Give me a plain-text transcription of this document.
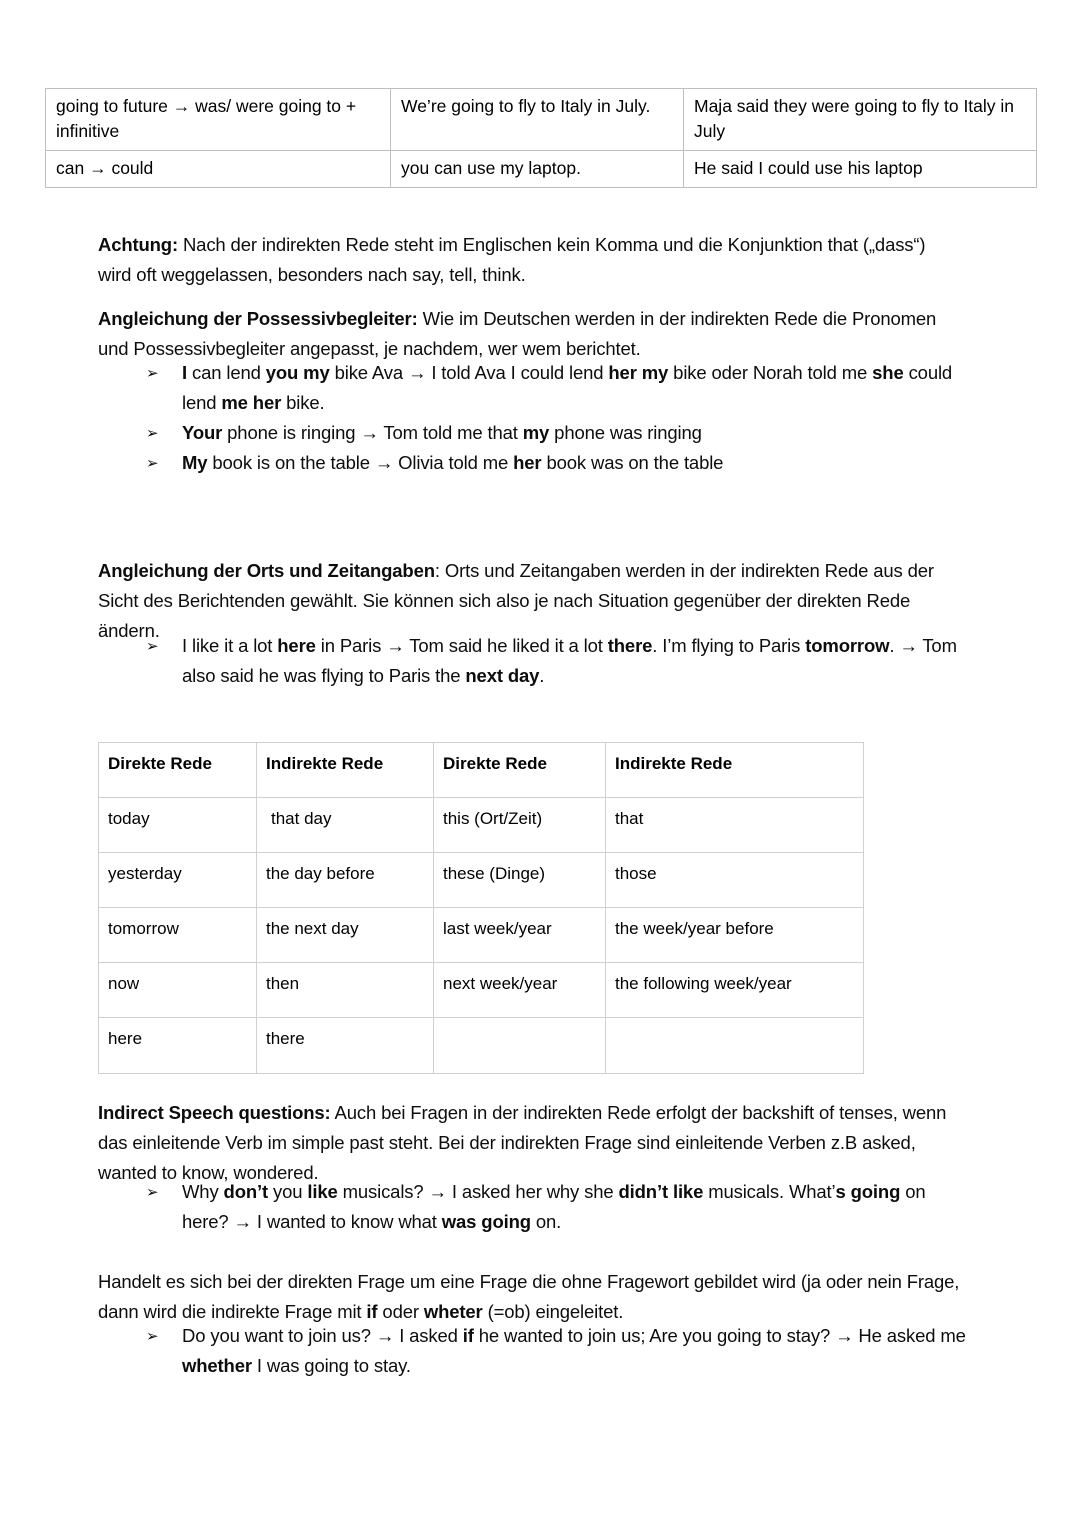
going to future → was/ were going to + infinitive	We’re going to fly to Italy in July.	Maja said they were going to fly to Italy in July
can → could	you can use my laptop.	He said I could use his laptop

Achtung: Nach der indirekten Rede steht im Englischen kein Komma und die Konjunktion that („dass“) wird oft weggelassen, besonders nach say, tell, think.

Angleichung der Possessivbegleiter: Wie im Deutschen werden in der indirekten Rede die Pronomen und Possessivbegleiter angepasst, je nachdem, wer wem berichtet.

➢ I can lend you my bike Ava → I told Ava I could lend her my bike oder Norah told me she could lend me her bike.
➢ Your phone is ringing → Tom told me that my phone was ringing
➢ My book is on the table → Olivia told me her book was on the table

Angleichung der Orts und Zeitangaben: Orts und Zeitangaben werden in der indirekten Rede aus der Sicht des Berichtenden gewählt. Sie können sich also je nach Situation gegenüber der direkten Rede ändern.

➢ I like it a lot here in Paris → Tom said he liked it a lot there. I’m flying to Paris tomorrow. → Tom also said he was flying to Paris the next day.
Direkte Rede	Indirekte Rede	Direkte Rede	Indirekte Rede
today	that day	this (Ort/Zeit)	that
yesterday	the day before	these (Dinge)	those
tomorrow	the next day	last week/year	the week/year before
now	then	next week/year	the following week/year
here	there		

Indirect Speech questions: Auch bei Fragen in der indirekten Rede erfolgt der backshift of tenses, wenn das einleitende Verb im simple past steht. Bei der indirekten Frage sind einleitende Verben z.B asked, wanted to know, wondered.

➢ Why don’t you like musicals? → I asked her why she didn’t like musicals. What’s going on here? → I wanted to know what was going on.

Handelt es sich bei der direkten Frage um eine Frage die ohne Fragewort gebildet wird (ja oder nein Frage, dann wird die indirekte Frage mit if oder wheter (=ob) eingeleitet.

➢ Do you want to join us? → I asked if he wanted to join us; Are you going to stay? → He asked me whether I was going to stay.
